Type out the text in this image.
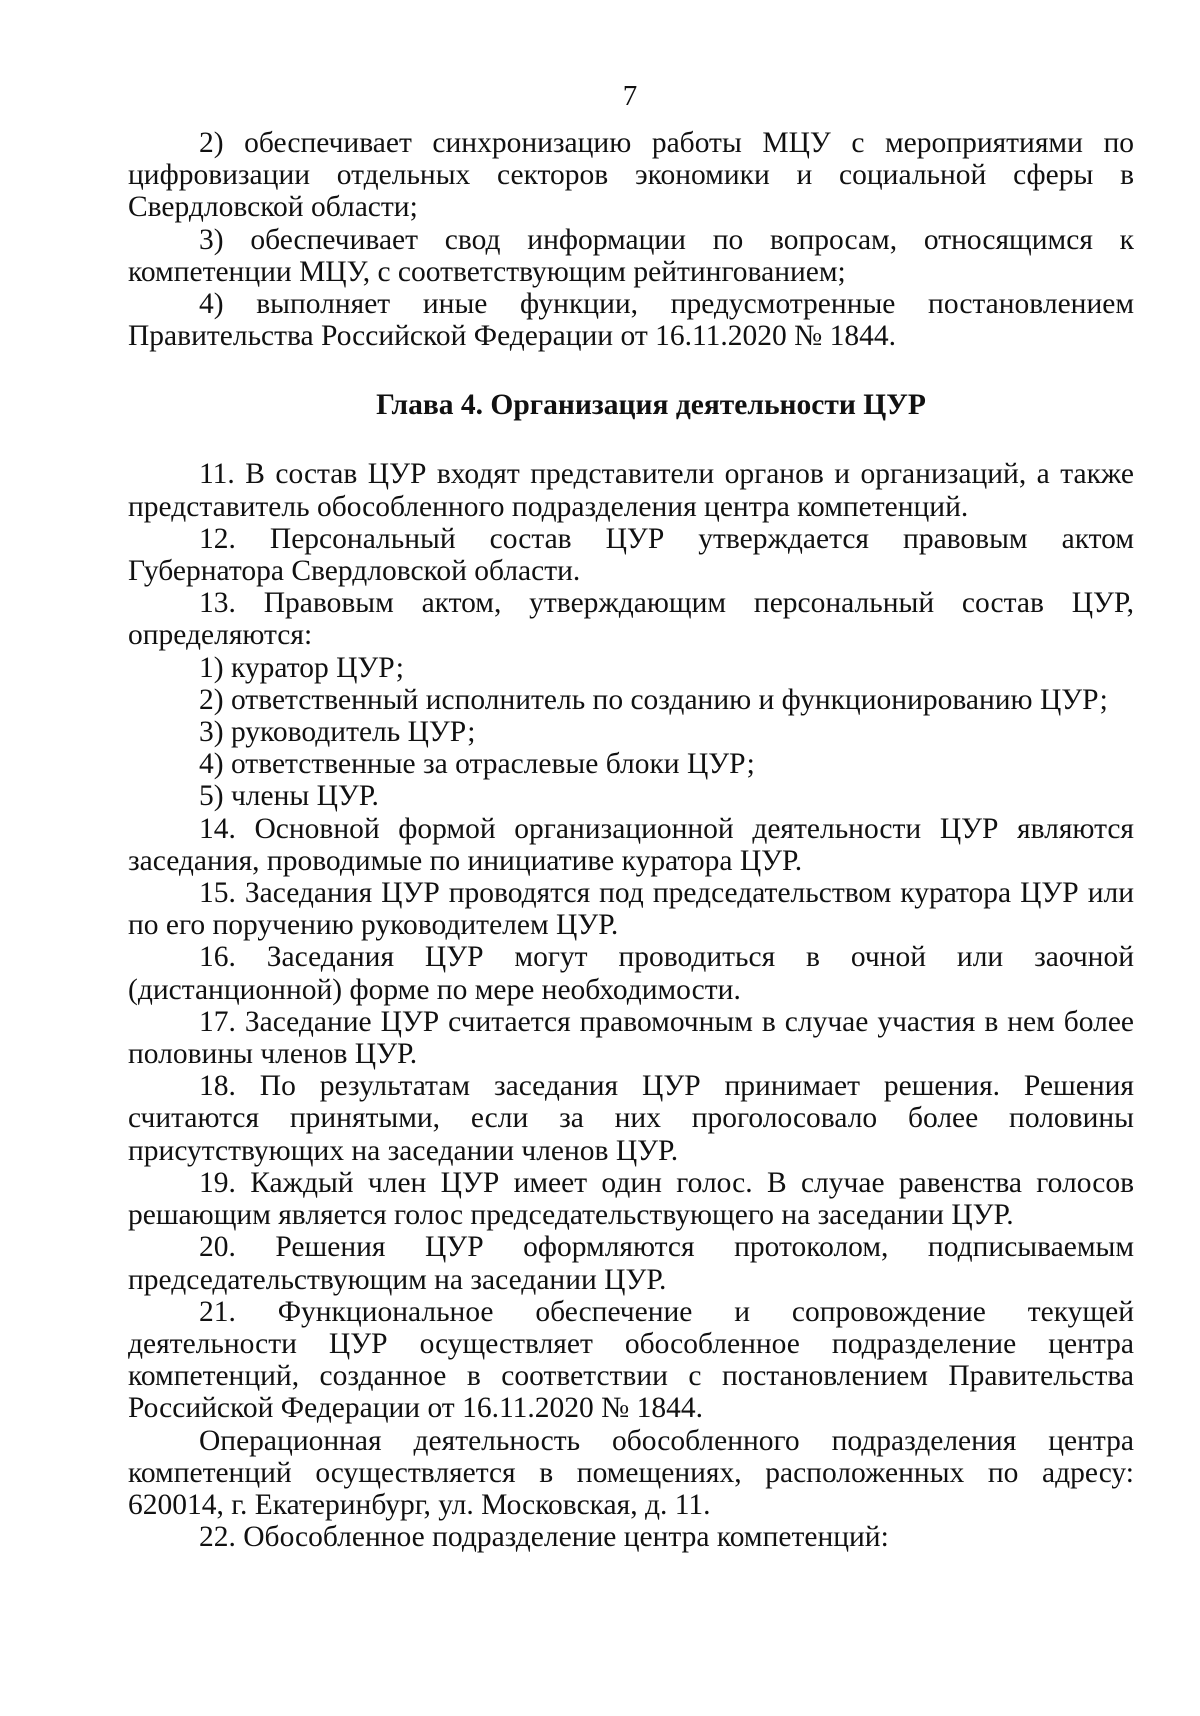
7

2) обеспечивает синхронизацию работы МЦУ с мероприятиями по цифровизации отдельных секторов экономики и социальной сферы в Свердловской области;

3) обеспечивает свод информации по вопросам, относящимся к компетенции МЦУ, с соответствующим рейтингованием;

4) выполняет иные функции, предусмотренные постановлением Правительства Российской Федерации от 16.11.2020 № 1844.

Глава 4. Организация деятельности ЦУР

11. В состав ЦУР входят представители органов и организаций, а также представитель обособленного подразделения центра компетенций.

12. Персональный состав ЦУР утверждается правовым актом Губернатора Свердловской области.

13. Правовым актом, утверждающим персональный состав ЦУР, определяются:

1) куратор ЦУР;

2) ответственный исполнитель по созданию и функционированию ЦУР;

3) руководитель ЦУР;

4) ответственные за отраслевые блоки ЦУР;

5) члены ЦУР.

14. Основной формой организационной деятельности ЦУР являются заседания, проводимые по инициативе куратора ЦУР.

15. Заседания ЦУР проводятся под председательством куратора ЦУР или по его поручению руководителем ЦУР.

16. Заседания ЦУР могут проводиться в очной или заочной (дистанционной) форме по мере необходимости.

17. Заседание ЦУР считается правомочным в случае участия в нем более половины членов ЦУР.

18. По результатам заседания ЦУР принимает решения. Решения считаются принятыми, если за них проголосовало более половины присутствующих на заседании членов ЦУР.

19. Каждый член ЦУР имеет один голос. В случае равенства голосов решающим является голос председательствующего на заседании ЦУР.

20. Решения ЦУР оформляются протоколом, подписываемым председательствующим на заседании ЦУР.

21. Функциональное обеспечение и сопровождение текущей деятельности ЦУР осуществляет обособленное подразделение центра компетенций, созданное в соответствии с постановлением Правительства Российской Федерации от 16.11.2020 № 1844.

Операционная деятельность обособленного подразделения центра компетенций осуществляется в помещениях, расположенных по адресу: 620014, г. Екатеринбург, ул. Московская, д. 11.

22. Обособленное подразделение центра компетенций:
